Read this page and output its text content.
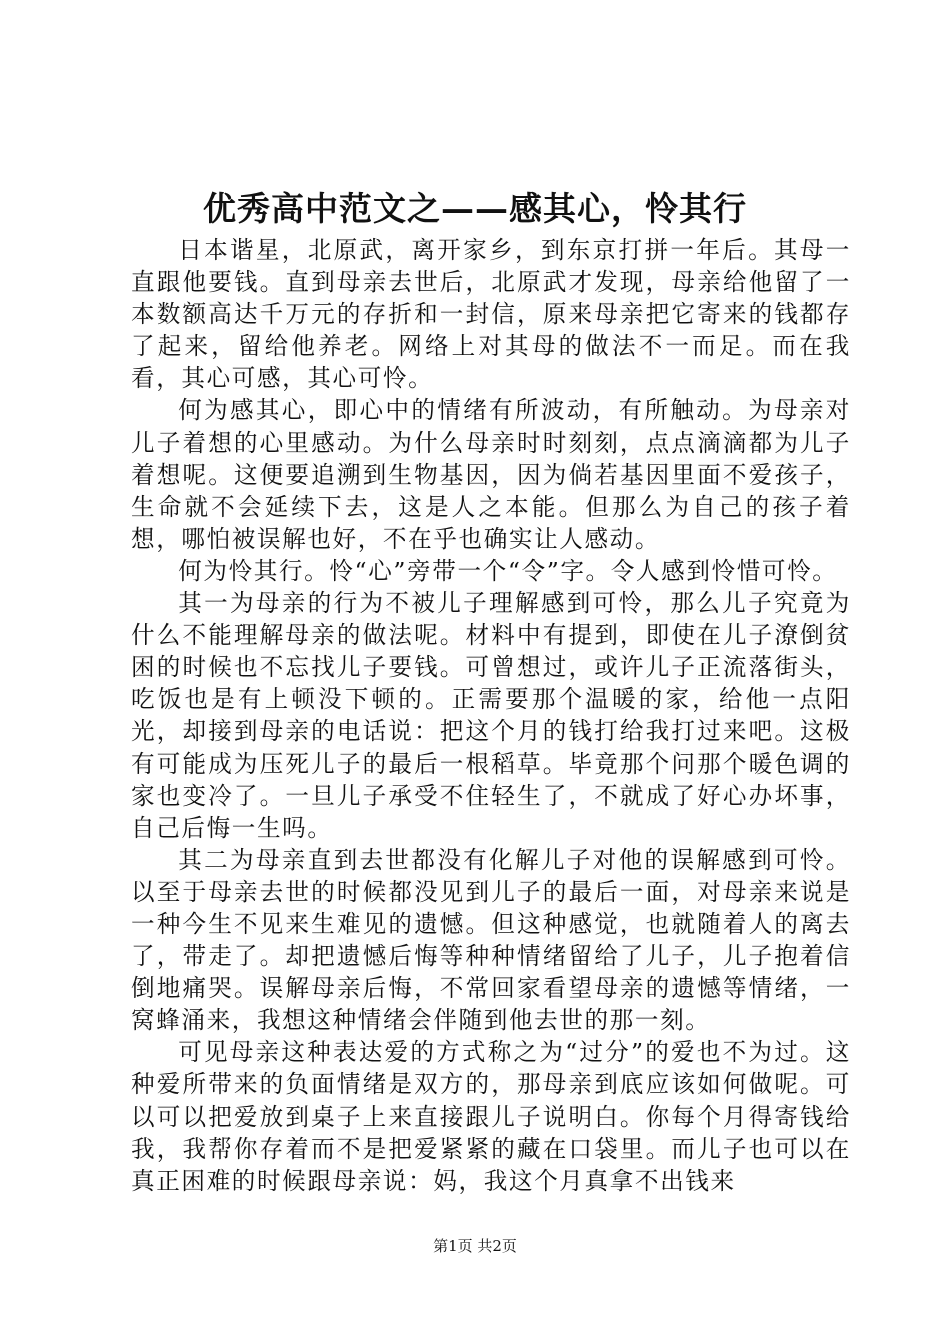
优秀高中范文之——感其心，怜其行

日本谐星，北原武，离开家乡，到东京打拼一年后。其母一直跟他要钱。直到母亲去世后，北原武才发现，母亲给他留了一本数额高达千万元的存折和一封信，原来母亲把它寄来的钱都存了起来，留给他养老。网络上对其母的做法不一而足。而在我看，其心可感，其心可怜。

何为感其心，即心中的情绪有所波动，有所触动。为母亲对儿子着想的心里感动。为什么母亲时时刻刻，点点滴滴都为儿子着想呢。这便要追溯到生物基因，因为倘若基因里面不爱孩子，生命就不会延续下去，这是人之本能。但那么为自己的孩子着想，哪怕被误解也好，不在乎也确实让人感动。

何为怜其行。怜“心”旁带一个“令”字。令人感到怜惜可怜。

其一为母亲的行为不被儿子理解感到可怜，那么儿子究竟为什么不能理解母亲的做法呢。材料中有提到，即使在儿子潦倒贫困的时候也不忘找儿子要钱。可曾想过，或许儿子正流落街头，吃饭也是有上顿没下顿的。正需要那个温暖的家，给他一点阳光，却接到母亲的电话说：把这个月的钱打给我打过来吧。这极有可能成为压死儿子的最后一根稻草。毕竟那个问那个暖色调的家也变冷了。一旦儿子承受不住轻生了，不就成了好心办坏事，自己后悔一生吗。

其二为母亲直到去世都没有化解儿子对他的误解感到可怜。以至于母亲去世的时候都没见到儿子的最后一面，对母亲来说是一种今生不见来生难见的遗憾。但这种感觉，也就随着人的离去了，带走了。却把遗憾后悔等种种情绪留给了儿子，儿子抱着信倒地痛哭。误解母亲后悔，不常回家看望母亲的遗憾等情绪，一窝蜂涌来，我想这种情绪会伴随到他去世的那一刻。

可见母亲这种表达爱的方式称之为“过分”的爱也不为过。这种爱所带来的负面情绪是双方的，那母亲到底应该如何做呢。可以可以把爱放到桌子上来直接跟儿子说明白。你每个月得寄钱给我，我帮你存着而不是把爱紧紧的藏在口袋里。而儿子也可以在真正困难的时候跟母亲说：妈，我这个月真拿不出钱来

第1页 共2页
